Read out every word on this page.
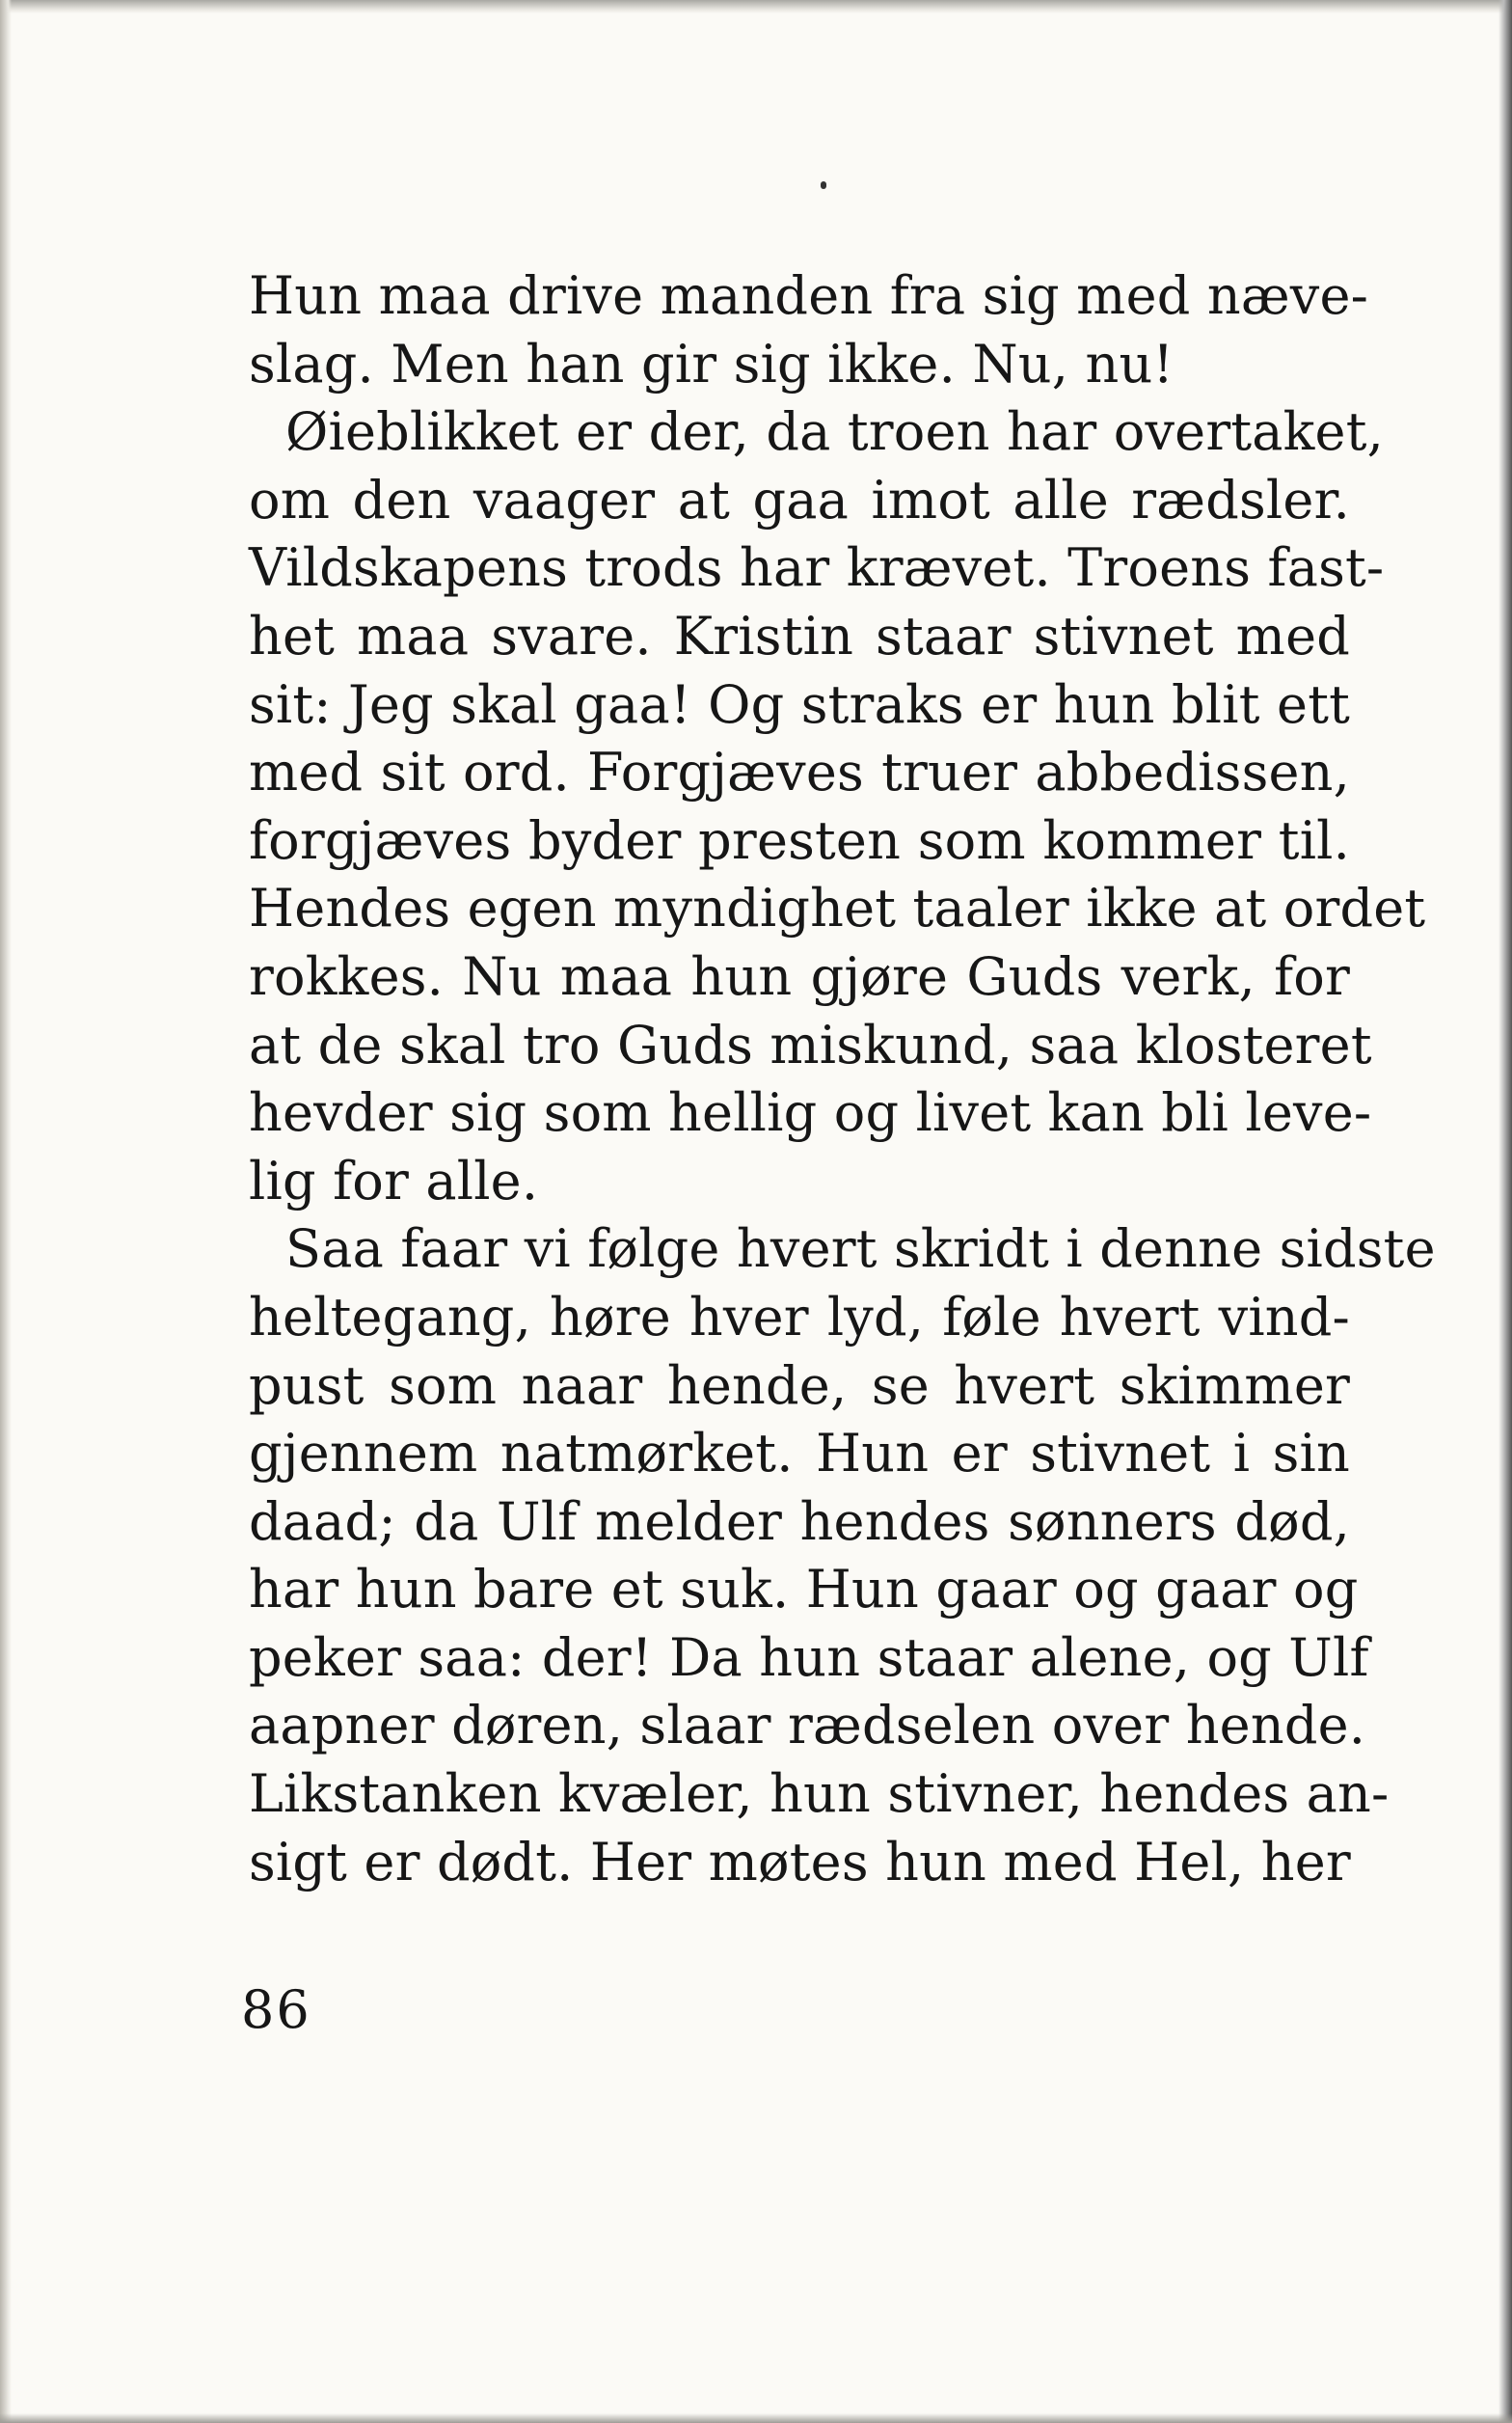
Hun maa drive manden fra sig med næve-
slag. Men han gir sig ikke. Nu, nu!
Øieblikket er der, da troen har overtaket,
om den vaager at gaa imot alle rædsler.
Vildskapens trods har krævet. Troens fast-
het maa svare. Kristin staar stivnet med
sit: Jeg skal gaa! Og straks er hun blit ett
med sit ord. Forgjæves truer abbedissen,
forgjæves byder presten som kommer til.
Hendes egen myndighet taaler ikke at ordet
rokkes. Nu maa hun gjøre Guds verk, for
at de skal tro Guds miskund, saa klosteret
hevder sig som hellig og livet kan bli leve-
lig for alle.
Saa faar vi følge hvert skridt i denne sidste
heltegang, høre hver lyd, føle hvert vind-
pust som naar hende, se hvert skimmer
gjennem natmørket. Hun er stivnet i sin
daad; da Ulf melder hendes sønners død,
har hun bare et suk. Hun gaar og gaar og
peker saa: der! Da hun staar alene, og Ulf
aapner døren, slaar rædselen over hende.
Likstanken kvæler, hun stivner, hendes an-
sigt er dødt. Her møtes hun med Hel, her
86
